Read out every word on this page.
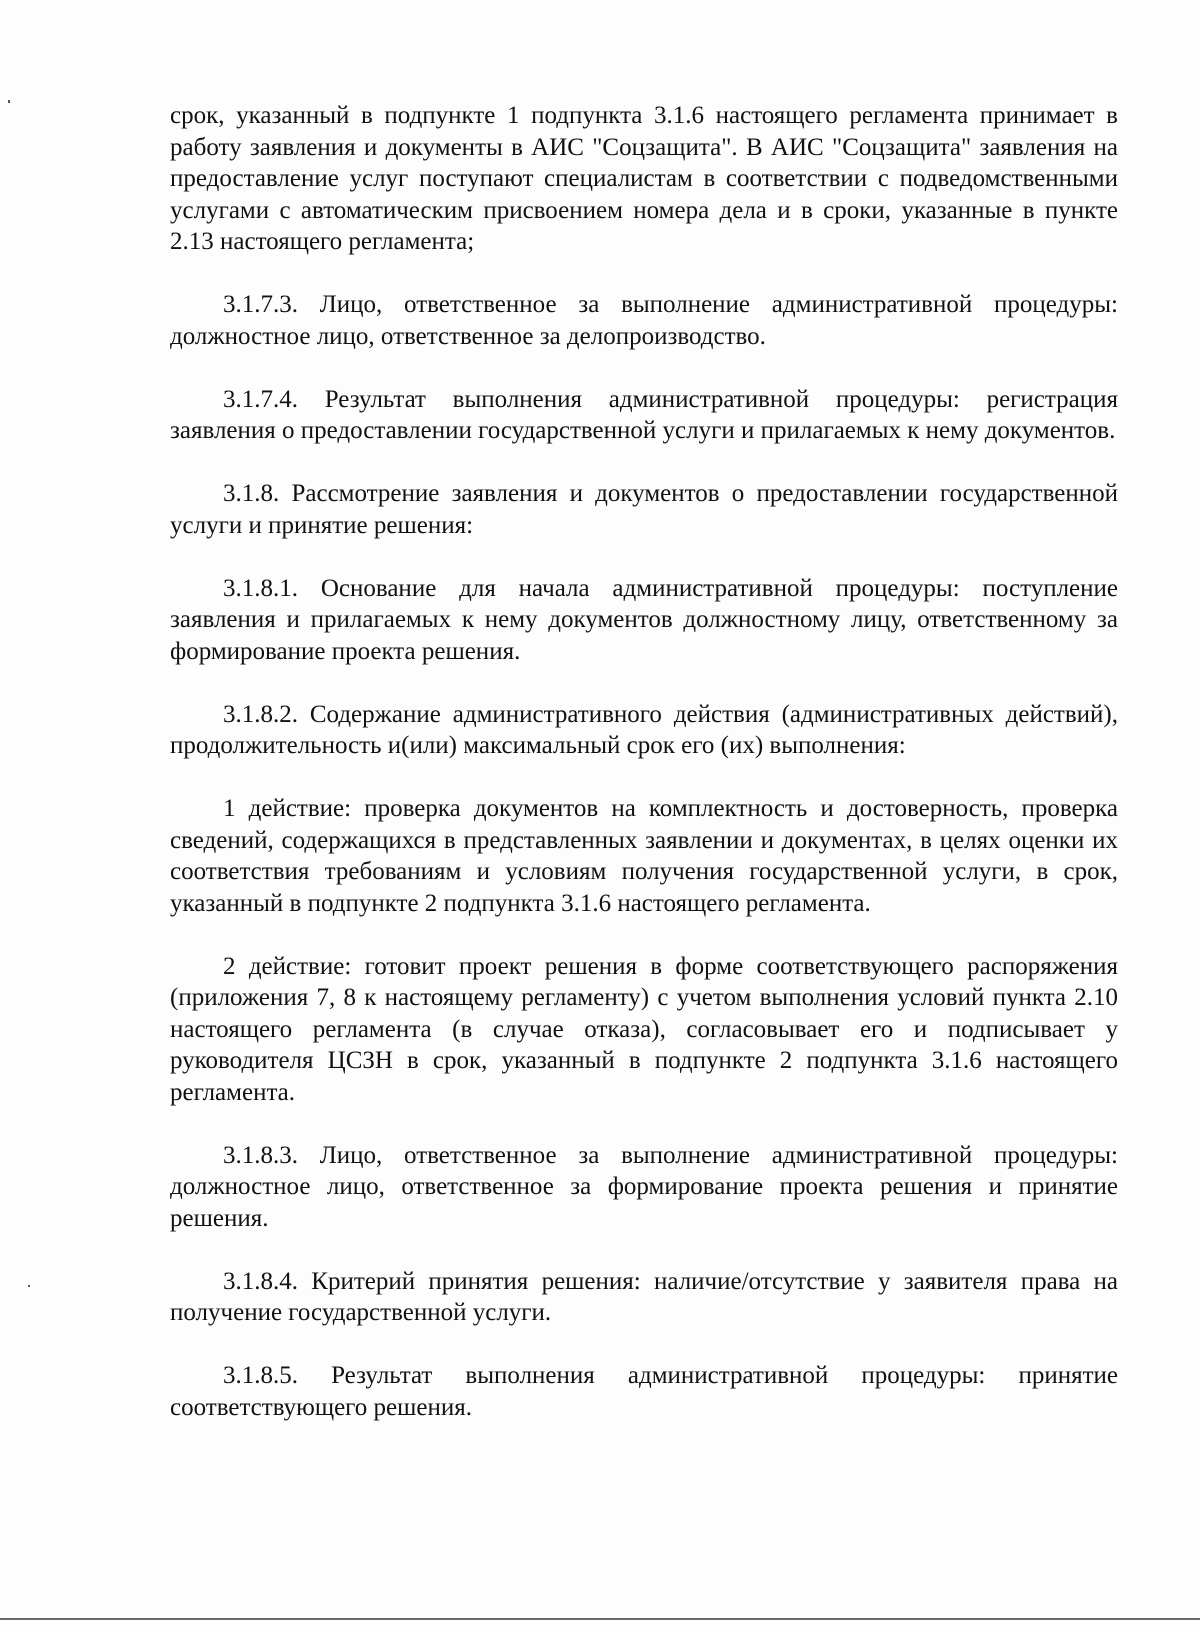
срок, указанный в подпункте 1 подпункта 3.1.6 настоящего регламента принимает в работу заявления и документы в АИС "Соцзащита". В АИС "Соцзащита" заявления на предоставление услуг поступают специалистам в соответствии с подведомственными услугами с автоматическим присвоением номера дела и в сроки, указанные в пункте 2.13 настоящего регламента;

3.1.7.3. Лицо, ответственное за выполнение административной процедуры: должностное лицо, ответственное за делопроизводство.

3.1.7.4. Результат выполнения административной процедуры: регистрация заявления о предоставлении государственной услуги и прилагаемых к нему документов.

3.1.8. Рассмотрение заявления и документов о предоставлении государственной услуги и принятие решения:

3.1.8.1. Основание для начала административной процедуры: поступление заявления и прилагаемых к нему документов должностному лицу, ответственному за формирование проекта решения.

3.1.8.2. Содержание административного действия (административных действий), продолжительность и(или) максимальный срок его (их) выполнения:

1 действие: проверка документов на комплектность и достоверность, проверка сведений, содержащихся в представленных заявлении и документах, в целях оценки их соответствия требованиям и условиям получения государственной услуги, в срок, указанный в подпункте 2 подпункта 3.1.6 настоящего регламента.

2 действие: готовит проект решения в форме соответствующего распоряжения (приложения 7, 8 к настоящему регламенту) с учетом выполнения условий пункта 2.10 настоящего регламента (в случае отказа), согласовывает его и подписывает у руководителя ЦСЗН в срок, указанный в подпункте 2 подпункта 3.1.6 настоящего регламента.

3.1.8.3. Лицо, ответственное за выполнение административной процедуры: должностное лицо, ответственное за формирование проекта решения и принятие решения.

3.1.8.4. Критерий принятия решения: наличие/отсутствие у заявителя права на получение государственной услуги.

3.1.8.5. Результат выполнения административной процедуры: принятие соответствующего решения.
